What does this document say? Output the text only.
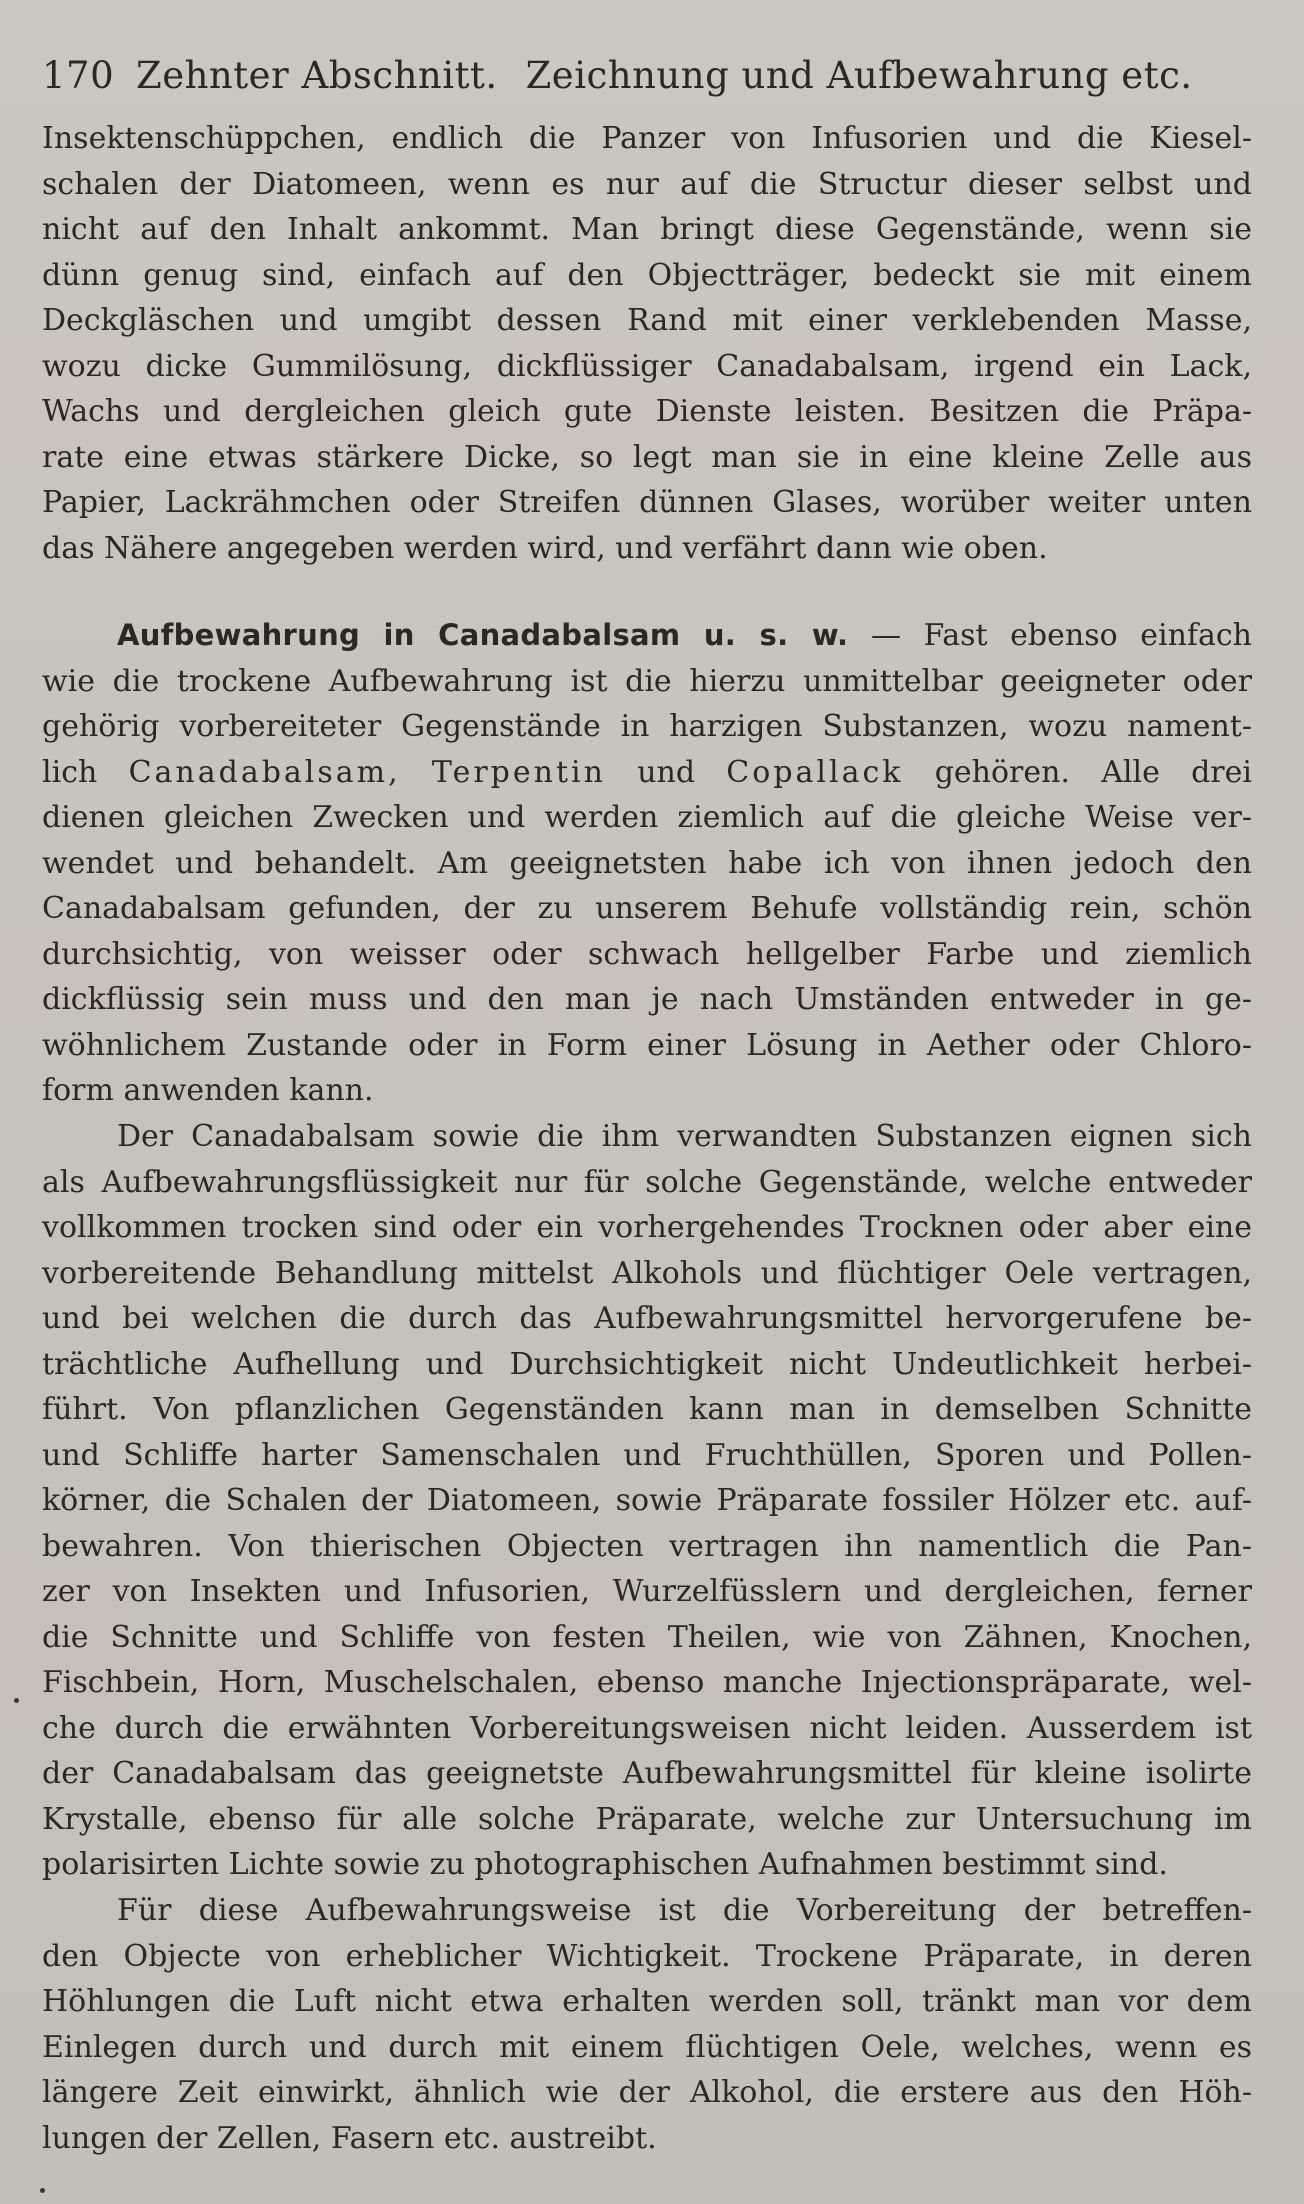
170 Zehnter Abschnitt. Zeichnung und Aufbewahrung etc.
Insektenschüppchen, endlich die Panzer von Infusorien und die Kiesel-
schalen der Diatomeen, wenn es nur auf die Structur dieser selbst und
nicht auf den Inhalt ankommt. Man bringt diese Gegenstände, wenn sie
dünn genug sind, einfach auf den Objectträger, bedeckt sie mit einem
Deckgläschen und umgibt dessen Rand mit einer verklebenden Masse,
wozu dicke Gummilösung, dickflüssiger Canadabalsam, irgend ein Lack,
Wachs und dergleichen gleich gute Dienste leisten. Besitzen die Präpa-
rate eine etwas stärkere Dicke, so legt man sie in eine kleine Zelle aus
Papier, Lackrähmchen oder Streifen dünnen Glases, worüber weiter unten
das Nähere angegeben werden wird, und verfährt dann wie oben.
Aufbewahrung in Canadabalsam u. s. w. — Fast ebenso einfach
wie die trockene Aufbewahrung ist die hierzu unmittelbar geeigneter oder
gehörig vorbereiteter Gegenstände in harzigen Substanzen, wozu nament-
lich Canadabalsam, Terpentin und Copallack gehören. Alle drei
dienen gleichen Zwecken und werden ziemlich auf die gleiche Weise ver-
wendet und behandelt. Am geeignetsten habe ich von ihnen jedoch den
Canadabalsam gefunden, der zu unserem Behufe vollständig rein, schön
durchsichtig, von weisser oder schwach hellgelber Farbe und ziemlich
dickflüssig sein muss und den man je nach Umständen entweder in ge-
wöhnlichem Zustande oder in Form einer Lösung in Aether oder Chloro-
form anwenden kann.
Der Canadabalsam sowie die ihm verwandten Substanzen eignen sich
als Aufbewahrungsflüssigkeit nur für solche Gegenstände, welche entweder
vollkommen trocken sind oder ein vorhergehendes Trocknen oder aber eine
vorbereitende Behandlung mittelst Alkohols und flüchtiger Oele vertragen,
und bei welchen die durch das Aufbewahrungsmittel hervorgerufene be-
trächtliche Aufhellung und Durchsichtigkeit nicht Undeutlichkeit herbei-
führt. Von pflanzlichen Gegenständen kann man in demselben Schnitte
und Schliffe harter Samenschalen und Fruchthüllen, Sporen und Pollen-
körner, die Schalen der Diatomeen, sowie Präparate fossiler Hölzer etc. auf-
bewahren. Von thierischen Objecten vertragen ihn namentlich die Pan-
zer von Insekten und Infusorien, Wurzelfüsslern und dergleichen, ferner
die Schnitte und Schliffe von festen Theilen, wie von Zähnen, Knochen,
Fischbein, Horn, Muschelschalen, ebenso manche Injectionspräparate, wel-
che durch die erwähnten Vorbereitungsweisen nicht leiden. Ausserdem ist
der Canadabalsam das geeignetste Aufbewahrungsmittel für kleine isolirte
Krystalle, ebenso für alle solche Präparate, welche zur Untersuchung im
polarisirten Lichte sowie zu photographischen Aufnahmen bestimmt sind.
Für diese Aufbewahrungsweise ist die Vorbereitung der betreffen-
den Objecte von erheblicher Wichtigkeit. Trockene Präparate, in deren
Höhlungen die Luft nicht etwa erhalten werden soll, tränkt man vor dem
Einlegen durch und durch mit einem flüchtigen Oele, welches, wenn es
längere Zeit einwirkt, ähnlich wie der Alkohol, die erstere aus den Höh-
lungen der Zellen, Fasern etc. austreibt.
